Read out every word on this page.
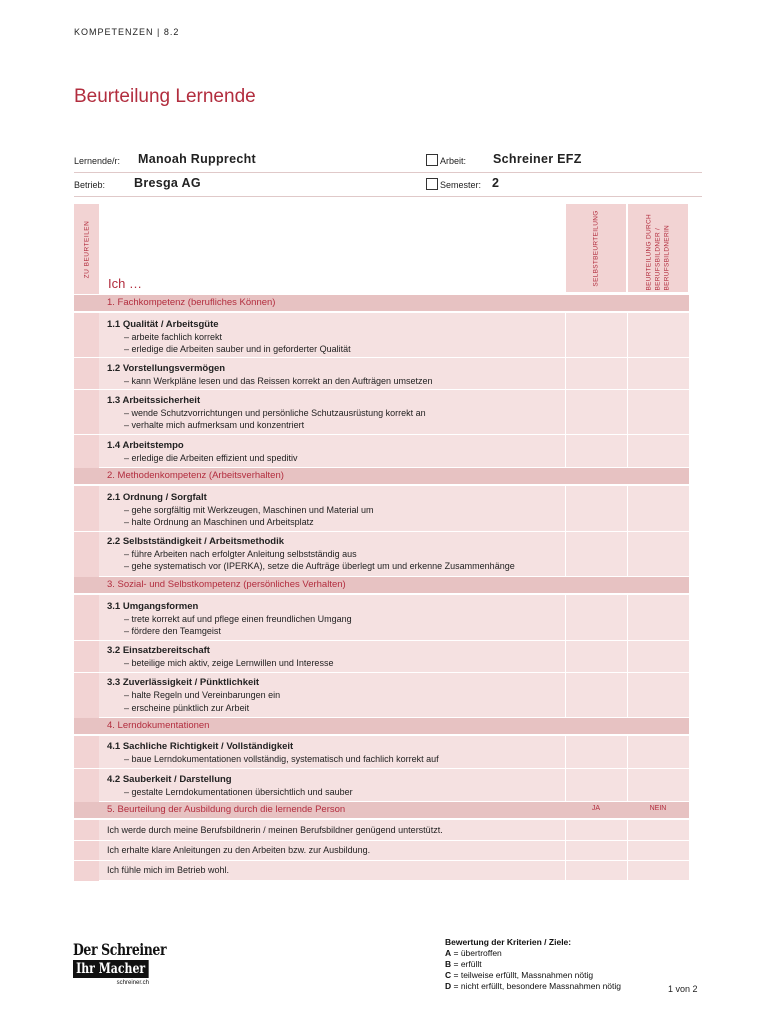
KOMPETENZEN | 8.2
Beurteilung Lernende
Lernende/r: Manoah Rupprecht	Arbeit: Schreiner EFZ
Betrieb: Bresga AG	Semester: 2
ZU BEURTEILEN
Ich …	SELBSTBEURTEILUNG	BEURTEILUNG DURCH BERUFSBILDNER / BERUFSBILDNERIN
1. Fachkompetenz (berufliches Können)
1.1 Qualität / Arbeitsgüte
– arbeite fachlich korrekt
– erledige die Arbeiten sauber und in geforderter Qualität
1.2 Vorstellungsvermögen
– kann Werkpläne lesen und das Reissen korrekt an den Aufträgen umsetzen
1.3 Arbeitssicherheit
– wende Schutzvorrichtungen und persönliche Schutzausrüstung korrekt an
– verhalte mich aufmerksam und konzentriert
1.4 Arbeitstempo
– erledige die Arbeiten effizient und speditiv
2. Methodenkompetenz (Arbeitsverhalten)
2.1 Ordnung / Sorgfalt
– gehe sorgfältig mit Werkzeugen, Maschinen und Material um
– halte Ordnung an Maschinen und Arbeitsplatz
2.2 Selbstständigkeit / Arbeitsmethodik
– führe Arbeiten nach erfolgter Anleitung selbstständig aus
– gehe systematisch vor (IPERKA), setze die Aufträge überlegt um und erkenne Zusammenhänge
3. Sozial- und Selbstkompetenz (persönliches Verhalten)
3.1 Umgangsformen
– trete korrekt auf und pflege einen freundlichen Umgang
– fördere den Teamgeist
3.2 Einsatzbereitschaft
– beteilige mich aktiv, zeige Lernwillen und Interesse
3.3 Zuverlässigkeit / Pünktlichkeit
– halte Regeln und Vereinbarungen ein
– erscheine pünktlich zur Arbeit
4. Lerndokumentationen
4.1 Sachliche Richtigkeit / Vollständigkeit
– baue Lerndokumentationen vollständig, systematisch und fachlich korrekt auf
4.2 Sauberkeit / Darstellung
– gestalte Lerndokumentationen übersichtlich und sauber
5. Beurteilung der Ausbildung durch die lernende Person	JA	NEIN
Ich werde durch meine Berufsbildnerin / meinen Berufsbildner genügend unterstützt.
Ich erhalte klare Anleitungen zu den Arbeiten bzw. zur Ausbildung.
Ich fühle mich im Betrieb wohl.
Der Schreiner
Ihr Macher
schreiner.ch
Bewertung der Kriterien / Ziele:
A = übertroffen
B = erfüllt
C = teilweise erfüllt, Massnahmen nötig
D = nicht erfüllt, besondere Massnahmen nötig	1 von 2
